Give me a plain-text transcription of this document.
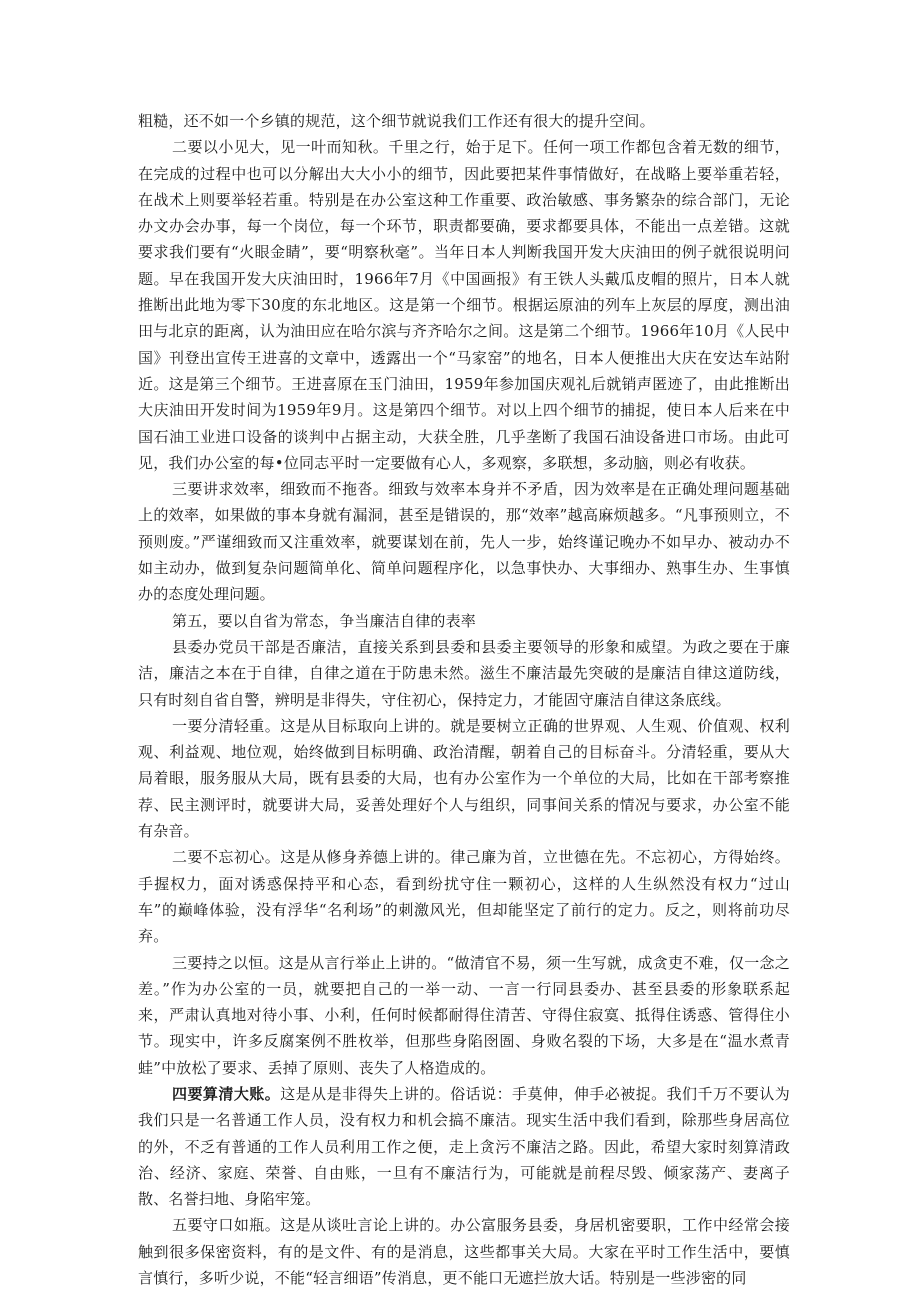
粗糙，还不如一个乡镇的规范，这个细节就说我们工作还有很大的提升空间。

二要以小见大，见一叶而知秋。千里之行，始于足下。任何一项工作都包含着无数的细节，在完成的过程中也可以分解出大大小小的细节，因此要把某件事情做好，在战略上要举重若轻，在战术上则要举轻若重。特别是在办公室这种工作重要、政治敏感、事务繁杂的综合部门，无论办文办会办事，每一个岗位，每一个环节，职责都要确，要求都要具体，不能出一点差错。这就要求我们要有“火眼金睛”，要“明察秋毫”。当年日本人判断我国开发大庆油田的例子就很说明问题。早在我国开发大庆油田时，1966年7月《中国画报》有王铁人头戴瓜皮帽的照片，日本人就推断出此地为零下30度的东北地区。这是第一个细节。根据运原油的列车上灰层的厚度，测出油田与北京的距离，认为油田应在哈尔滨与齐齐哈尔之间。这是第二个细节。1966年10月《人民中国》刊登出宣传王进喜的文章中，透露出一个“马家窑”的地名，日本人便推出大庆在安达车站附近。这是第三个细节。王进喜原在玉门油田，1959年参加国庆观礼后就销声匿迹了，由此推断出大庆油田开发时间为1959年9月。这是第四个细节。对以上四个细节的捕捉，使日本人后来在中国石油工业进口设备的谈判中占据主动，大获全胜，几乎垄断了我国石油设备进口市场。由此可见，我们办公室的每•位同志平时一定要做有心人，多观察，多联想，多动脑，则必有收获。

三要讲求效率，细致而不拖沓。细致与效率本身并不矛盾，因为效率是在正确处理问题基础上的效率，如果做的事本身就有漏洞，甚至是错误的，那“效率”越高麻烦越多。“凡事预则立，不预则废。”严谨细致而又注重效率，就要谋划在前，先人一步，始终谨记晚办不如早办、被动办不如主动办，做到复杂问题简单化、简单问题程序化，以急事快办、大事细办、熟事生办、生事慎办的态度处理问题。

第五，要以自省为常态，争当廉洁自律的表率

县委办党员干部是否廉洁，直接关系到县委和县委主要领导的形象和威望。为政之要在于廉洁，廉洁之本在于自律，自律之道在于防患未然。滋生不廉洁最先突破的是廉洁自律这道防线，只有时刻自省自警，辨明是非得失，守住初心，保持定力，才能固守廉洁自律这条底线。

一要分清轻重。这是从目标取向上讲的。就是要树立正确的世界观、人生观、价值观、权利观、利益观、地位观，始终做到目标明确、政治清醒，朝着自己的目标奋斗。分清轻重，要从大局着眼，服务服从大局，既有县委的大局，也有办公室作为一个单位的大局，比如在干部考察推荐、民主测评时，就要讲大局，妥善处理好个人与组织，同事间关系的情况与要求，办公室不能有杂音。

二要不忘初心。这是从修身养德上讲的。律己廉为首，立世德在先。不忘初心，方得始终。手握权力，面对诱惑保持平和心态，看到纷扰守住一颗初心，这样的人生纵然没有权力“过山车”的巅峰体验，没有浮华“名利场”的刺激风光，但却能坚定了前行的定力。反之，则将前功尽弃。

三要持之以恒。这是从言行举止上讲的。“做清官不易，须一生写就，成贪吏不难，仅一念之差。”作为办公室的一员，就要把自己的一举一动、一言一行同县委办、甚至县委的形象联系起来，严肃认真地对待小事、小利，任何时候都耐得住清苦、守得住寂寞、抵得住诱惑、管得住小节。现实中，许多反腐案例不胜枚举，但那些身陷囹圄、身败名裂的下场，大多是在“温水煮青蛙”中放松了要求、丢掉了原则、丧失了人格造成的。

四要算清大账。这是从是非得失上讲的。俗话说：手莫伸，伸手必被捉。我们千万不要认为我们只是一名普通工作人员，没有权力和机会搞不廉洁。现实生活中我们看到，除那些身居高位的外，不乏有普通的工作人员利用工作之便，走上贪污不廉洁之路。因此，希望大家时刻算清政治、经济、家庭、荣誉、自由账，一旦有不廉洁行为，可能就是前程尽毁、倾家荡产、妻离子散、名誉扫地、身陷牢笼。

五要守口如瓶。这是从谈吐言论上讲的。办公富服务县委，身居机密要职，工作中经常会接触到很多保密资料，有的是文件、有的是消息，这些都事关大局。大家在平时工作生活中，要慎言慎行，多听少说，不能“轻言细语”传消息，更不能口无遮拦放大话。特别是一些涉密的同
